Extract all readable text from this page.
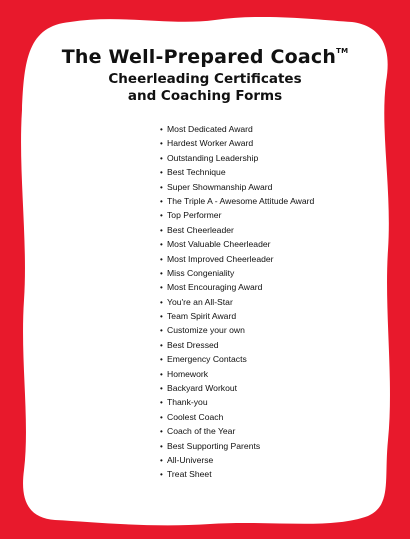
The Well-Prepared Coach™
Cheerleading Certificates
and Coaching Forms
• Most Dedicated Award
• Hardest Worker Award
• Outstanding Leadership
• Best Technique
• Super Showmanship Award
• The Triple A - Awesome Attitude Award
• Top Performer
• Best Cheerleader
• Most Valuable Cheerleader
• Most Improved Cheerleader
• Miss Congeniality
• Most Encouraging Award
• You're an All-Star
• Team Spirit Award
• Customize your own
• Best Dressed
• Emergency Contacts
• Homework
• Backyard Workout
• Thank-you
• Coolest Coach
• Coach of the Year
• Best Supporting Parents
• All-Universe
• Treat Sheet
